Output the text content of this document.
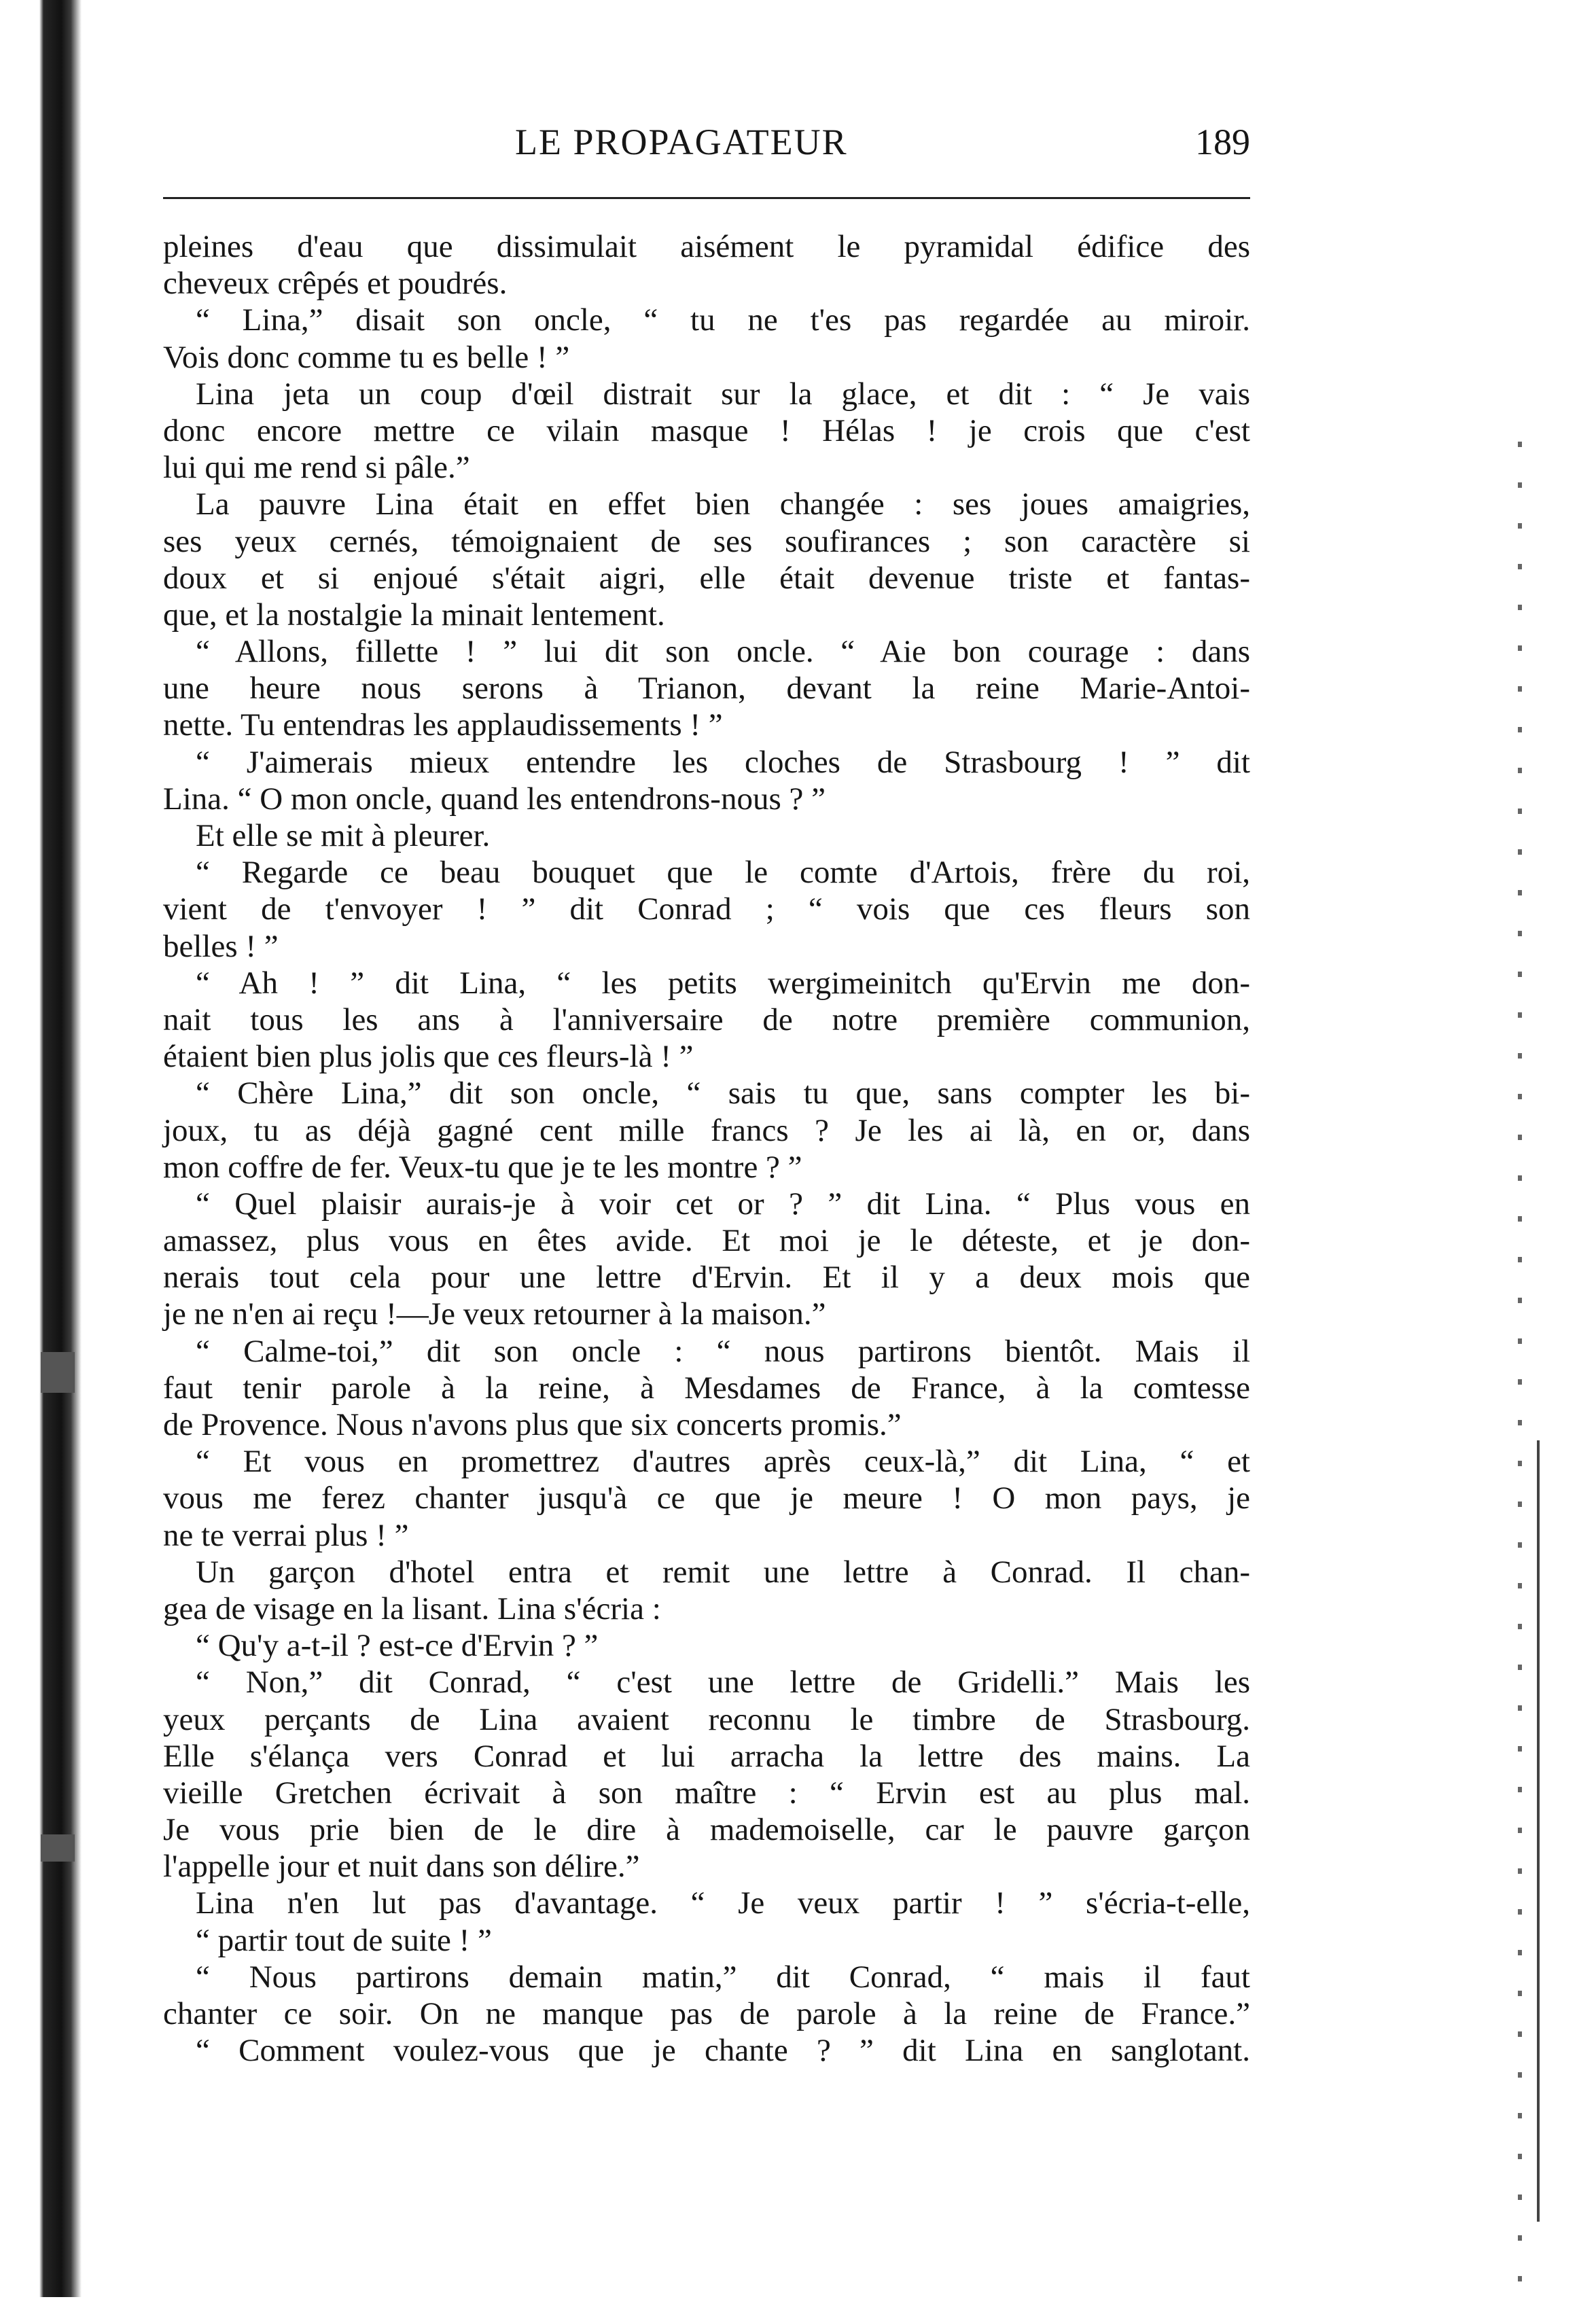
LE PROPAGATEUR	189
pleines d'eau que dissimulait aisément le pyramidal édifice des
cheveux crêpés et poudrés.
“ Lina,” disait son oncle, “ tu ne t'es pas regardée au miroir.
Vois donc comme tu es belle ! ”
Lina jeta un coup d'œil distrait sur la glace, et dit : “ Je vais
donc encore mettre ce vilain masque ! Hélas ! je crois que c'est
lui qui me rend si pâle.”
La pauvre Lina était en effet bien changée : ses joues amaigries,
ses yeux cernés, témoignaient de ses soufirances ; son caractère si
doux et si enjoué s'était aigri, elle était devenue triste et fantas-
que, et la nostalgie la minait lentement.
“ Allons, fillette ! ” lui dit son oncle. “ Aie bon courage : dans
une heure nous serons à Trianon, devant la reine Marie-Antoi-
nette. Tu entendras les applaudissements ! ”
“ J'aimerais mieux entendre les cloches de Strasbourg ! ” dit
Lina. “ O mon oncle, quand les entendrons-nous ? ”
Et elle se mit à pleurer.
“ Regarde ce beau bouquet que le comte d'Artois, frère du roi,
vient de t'envoyer ! ” dit Conrad ; “ vois que ces fleurs son
belles ! ”
“ Ah ! ” dit Lina, “ les petits wergimeinitch qu'Ervin me don-
nait tous les ans à l'anniversaire de notre première communion,
étaient bien plus jolis que ces fleurs-là ! ”
“ Chère Lina,” dit son oncle, “ sais tu que, sans compter les bi-
joux, tu as déjà gagné cent mille francs ? Je les ai là, en or, dans
mon coffre de fer. Veux-tu que je te les montre ? ”
“ Quel plaisir aurais-je à voir cet or ? ” dit Lina. “ Plus vous en
amassez, plus vous en êtes avide. Et moi je le déteste, et je don-
nerais tout cela pour une lettre d'Ervin. Et il y a deux mois que
je ne n'en ai reçu !—Je veux retourner à la maison.”
“ Calme-toi,” dit son oncle : “ nous partirons bientôt. Mais il
faut tenir parole à la reine, à Mesdames de France, à la comtesse
de Provence. Nous n'avons plus que six concerts promis.”
“ Et vous en promettrez d'autres après ceux-là,” dit Lina, “ et
vous me ferez chanter jusqu'à ce que je meure ! O mon pays, je
ne te verrai plus ! ”
Un garçon d'hotel entra et remit une lettre à Conrad. Il chan-
gea de visage en la lisant. Lina s'écria :
“ Qu'y a-t-il ? est-ce d'Ervin ? ”
“ Non,” dit Conrad, “ c'est une lettre de Gridelli.” Mais les
yeux perçants de Lina avaient reconnu le timbre de Strasbourg.
Elle s'élança vers Conrad et lui arracha la lettre des mains. La
vieille Gretchen écrivait à son maître : “ Ervin est au plus mal.
Je vous prie bien de le dire à mademoiselle, car le pauvre garçon
l'appelle jour et nuit dans son délire.”
Lina n'en lut pas d'avantage. “ Je veux partir ! ” s'écria-t-elle,
“ partir tout de suite ! ”
“ Nous partirons demain matin,” dit Conrad, “ mais il faut
chanter ce soir. On ne manque pas de parole à la reine de France.”
“ Comment voulez-vous que je chante ? ” dit Lina en sanglotant.
